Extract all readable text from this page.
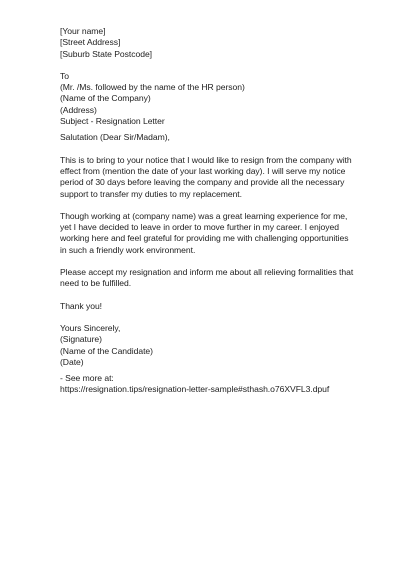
[Your name]
[Street Address]
[Suburb State Postcode]
To
(Mr. /Ms. followed by the name of the HR person)
(Name of the Company)
(Address)
Subject - Resignation Letter
Salutation (Dear Sir/Madam),
This is to bring to your notice that I would like to resign from the company with
effect from (mention the date of your last working day). I will serve my notice
period of 30 days before leaving the company and provide all the necessary
support to transfer my duties to my replacement.
Though working at (company name) was a great learning experience for me,
yet I have decided to leave in order to move further in my career. I enjoyed
working here and feel grateful for providing me with challenging opportunities
in such a friendly work environment.
Please accept my resignation and inform me about all relieving formalities that
need to be fulfilled.
Thank you!
Yours Sincerely,
(Signature)
(Name of the Candidate)
(Date)
- See more at:
https://resignation.tips/resignation-letter-sample#sthash.o76XVFL3.dpuf
